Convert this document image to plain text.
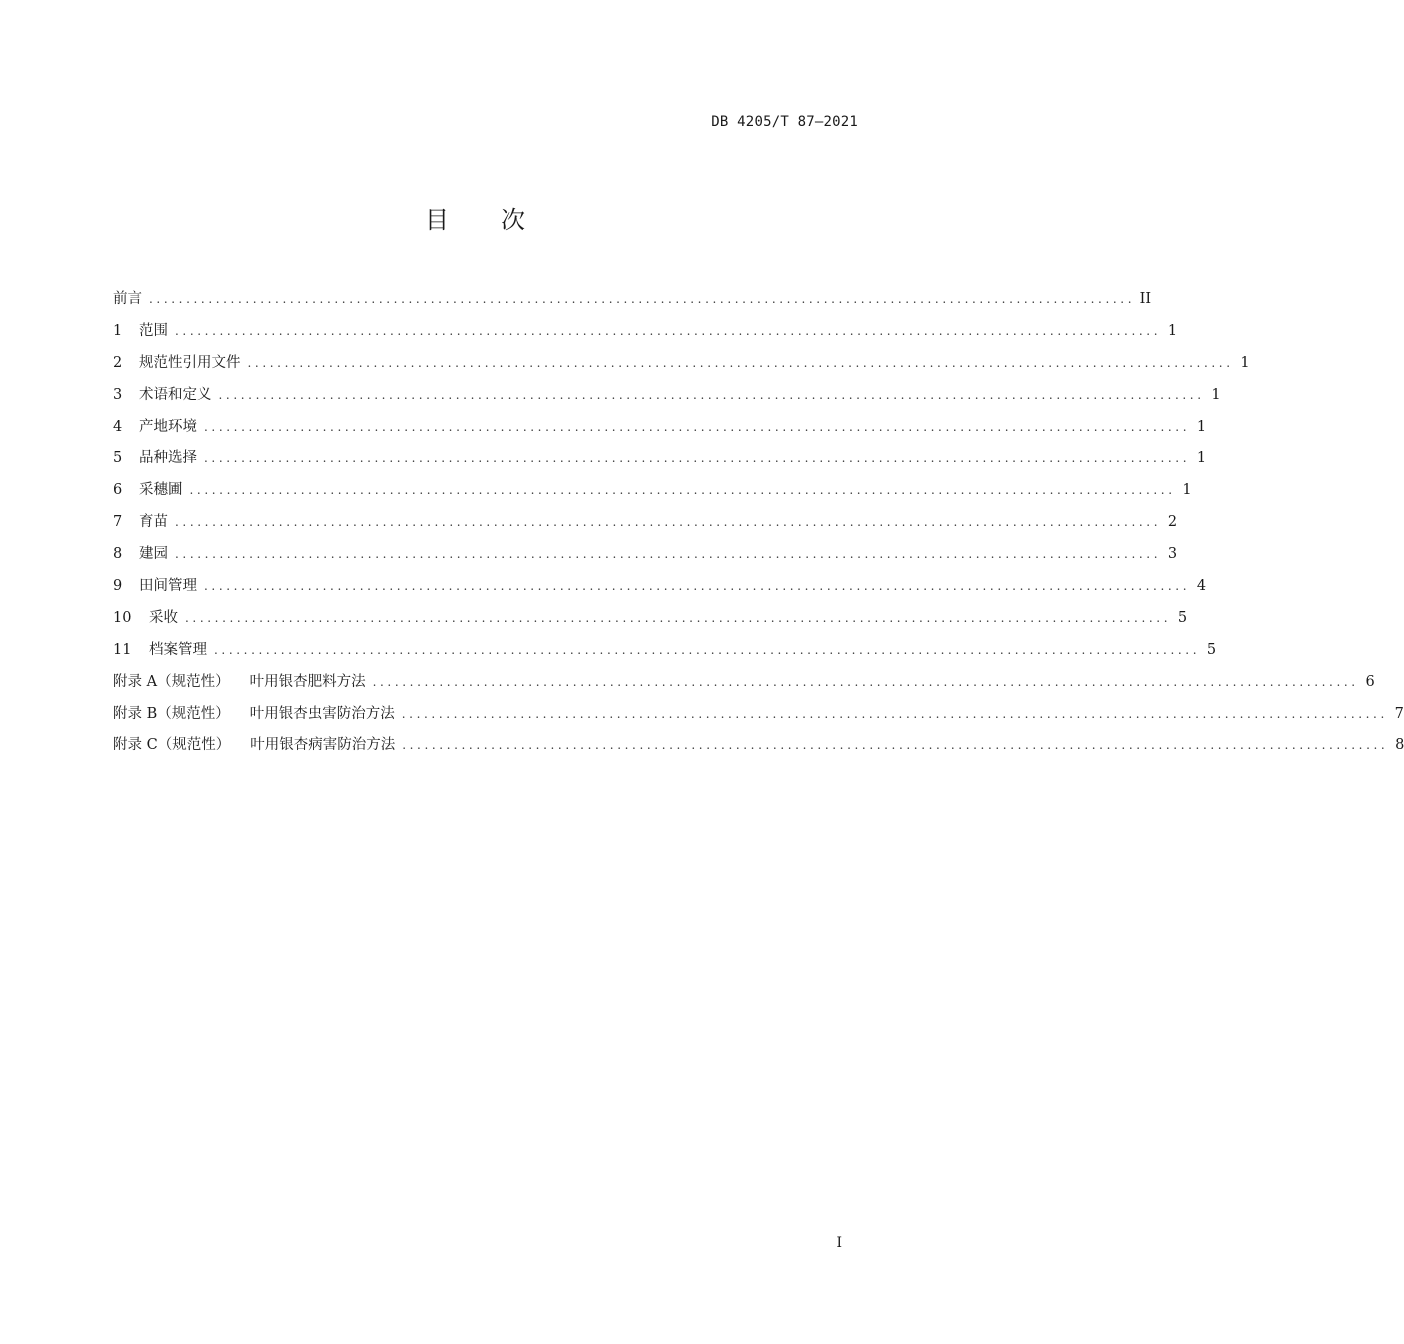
DB 4205/T 87—2021
目 次
前言 ..................................................................................................................................... II
1	范围 ..................................................................................................................................... 1
2	规范性引用文件 ..................................................................................................................................... 1
3	术语和定义 ..................................................................................................................................... 1
4	产地环境 ..................................................................................................................................... 1
5	品种选择 ..................................................................................................................................... 1
6	采穗圃 ..................................................................................................................................... 1
7	育苗 ..................................................................................................................................... 2
8	建园 ..................................................................................................................................... 3
9	田间管理 ..................................................................................................................................... 4
10	采收 ..................................................................................................................................... 5
11	档案管理 ..................................................................................................................................... 5
附录 A（规范性） 叶用银杏肥料方法 ..................................................................................................................................... 6
附录 B（规范性） 叶用银杏虫害防治方法 ..................................................................................................................................... 7
附录 C（规范性） 叶用银杏病害防治方法 ..................................................................................................................................... 8
I
